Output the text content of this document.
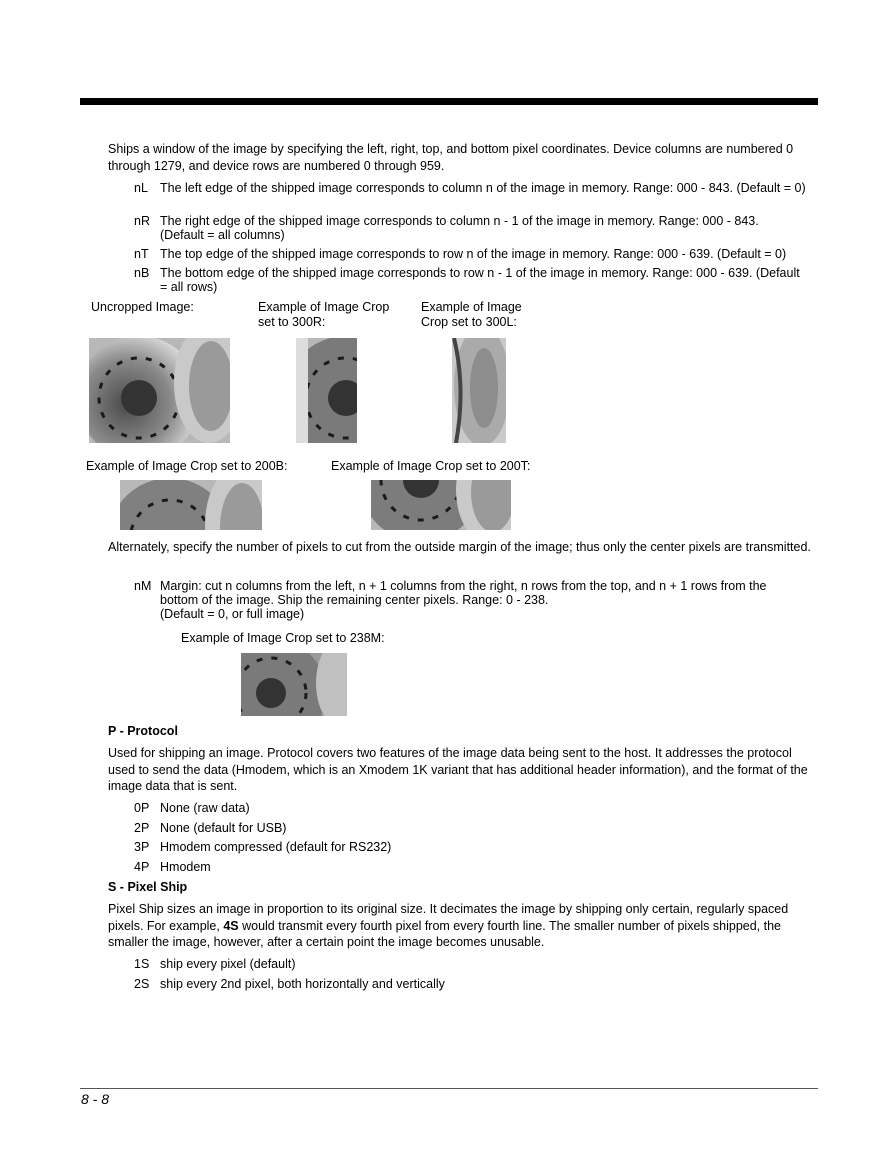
Ships a window of the image by specifying the left, right, top, and bottom pixel coordinates. Device columns are numbered 0 through 1279, and device rows are numbered 0 through 959.

nL The left edge of the shipped image corresponds to column n of the image in memory. Range: 000 - 843. (Default = 0)
nR The right edge of the shipped image corresponds to column n - 1 of the image in memory. Range: 000 - 843. (Default = all columns)
nT The top edge of the shipped image corresponds to row n of the image in memory. Range: 000 - 639. (Default = 0)
nB The bottom edge of the shipped image corresponds to row n - 1 of the image in memory. Range: 000 - 639. (Default = all rows)
Uncropped Image:	Example of Image Crop set to 300R:
Example of Image Crop set to 300L:
Example of Image Crop set to 200B:	Example of Image Crop set to 200T:

Alternately, specify the number of pixels to cut from the outside margin of the image; thus only the center pixels are transmitted.

nM Margin: cut n columns from the left, n + 1 columns from the right, n rows from the top, and n + 1 rows from the
bottom of the image. Ship the remaining center pixels. Range: 0 - 238.
(Default = 0, or full image)
Example of Image Crop set to 238M:
P - Protocol

Used for shipping an image. Protocol covers two features of the image data being sent to the host. It addresses the protocol used to send the data (Hmodem, which is an Xmodem 1K variant that has additional header information), and the format of the image data that is sent.

0P None (raw data)
2P None (default for USB)
3P Hmodem compressed (default for RS232)
4P Hmodem
S - Pixel Ship

Pixel Ship sizes an image in proportion to its original size. It decimates the image by shipping only certain, regularly spaced pixels. For example, 4S would transmit every fourth pixel from every fourth line. The smaller number of pixels shipped, the smaller the image, however, after a certain point the image becomes unusable.

1S ship every pixel (default)
2S ship every 2nd pixel, both horizontally and vertically
8 - 8
